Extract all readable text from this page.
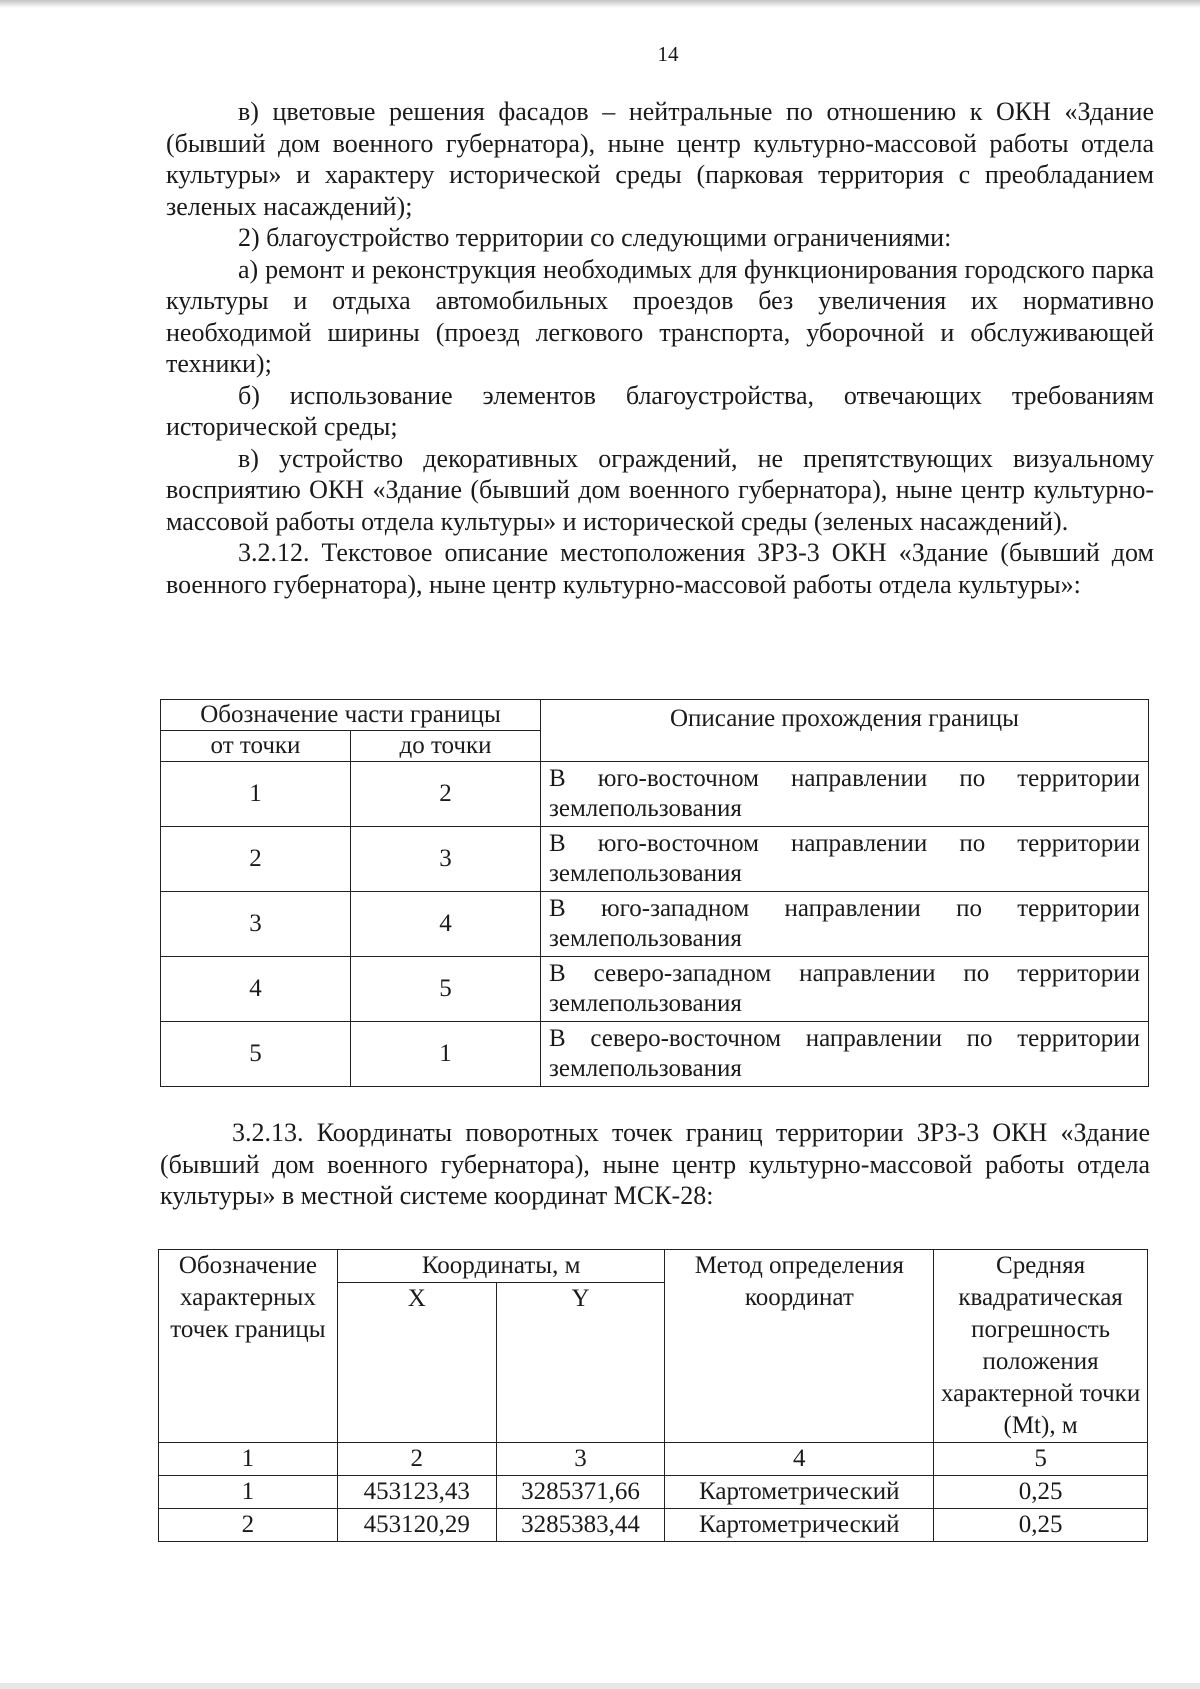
14

в) цветовые решения фасадов – нейтральные по отношению к ОКН «Здание (бывший дом военного губернатора), ныне центр культурно-массовой работы отдела культуры» и характеру исторической среды (парковая территория с преобладанием зеленых насаждений);

2) благоустройство территории со следующими ограничениями:

а) ремонт и реконструкция необходимых для функционирования городского парка культуры и отдыха автомобильных проездов без увеличения их нормативно необходимой ширины (проезд легкового транспорта, уборочной и обслуживающей техники);

б) использование элементов благоустройства, отвечающих требованиям исторической среды;

в) устройство декоративных ограждений, не препятствующих визуальному восприятию ОКН «Здание (бывший дом военного губернатора), ныне центр культурно-массовой работы отдела культуры» и исторической среды (зеленых насаждений).

3.2.12. Текстовое описание местоположения ЗРЗ-3 ОКН «Здание (бывший дом военного губернатора), ныне центр культурно-массовой работы отдела культуры»:

Обозначение части границы		Описание прохождения границы
от точки	до точки	
1	2	В юго-восточном направлении по территории землепользования
2	3	В юго-восточном направлении по территории землепользования
3	4	В юго-западном направлении по территории землепользования
4	5	В северо-западном направлении по территории землепользования
5	1	В северо-восточном направлении по территории землепользования

3.2.13. Координаты поворотных точек границ территории ЗРЗ-3 ОКН «Здание (бывший дом военного губернатора), ныне центр культурно-массовой работы отдела культуры» в местной системе координат МСК-28:

Обозначение характерных точек границы	Координаты, м		Метод определения координат	Средняя квадратическая погрешность положения характерной точки (Mt), м
	X	Y		
1	2	3	4	5
1	453123,43	3285371,66	Картометрический	0,25
2	453120,29	3285383,44	Картометрический	0,25
